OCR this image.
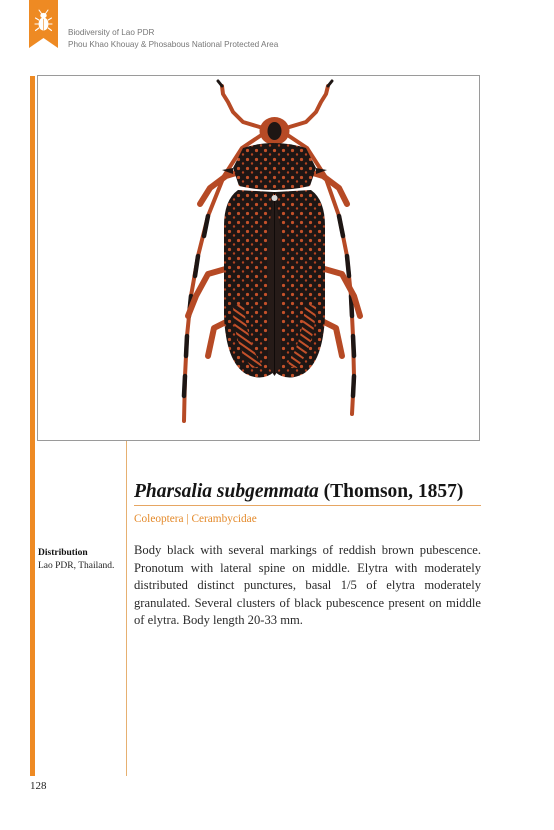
Biodiversity of Lao PDR
Phou Khao Khouay & Phosabous National Protected Area
Pharsalia subgemmata (Thomson, 1857)
Coleoptera | Cerambycidae
Distribution
Lao PDR, Thailand.

Body black with several markings of reddish brown pubescence. Pronotum with lateral spine on middle. Elytra with moderately distributed distinct punctures, basal 1/5 of elytra moderately granulated. Several clusters of black pubescence present on middle of elytra. Body length 20-33 mm.

128
